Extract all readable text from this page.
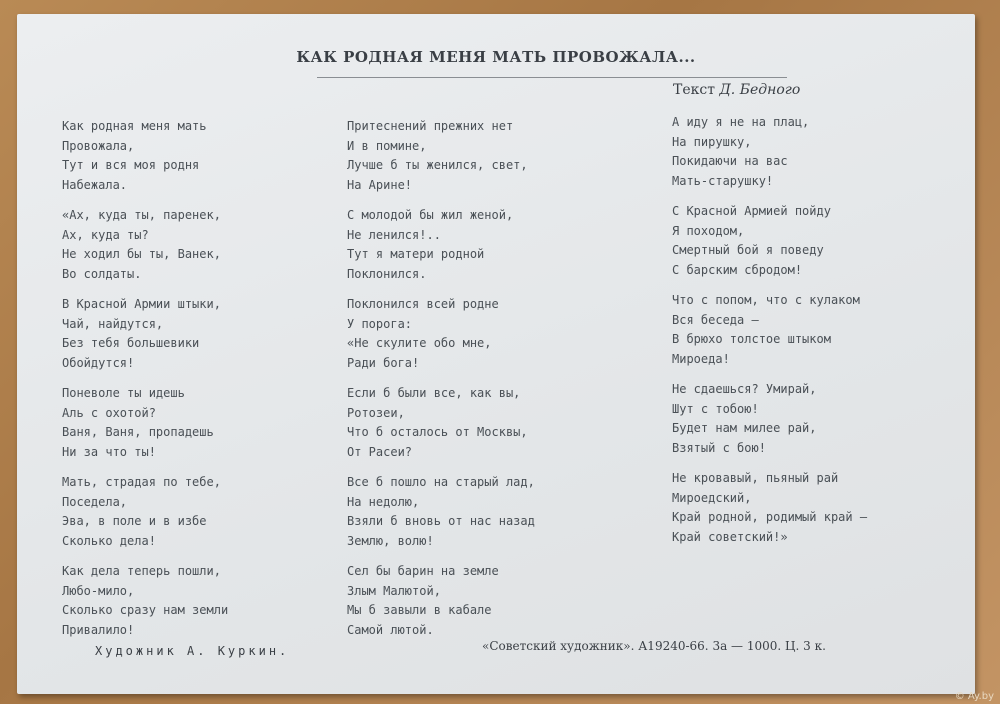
КАК РОДНАЯ МЕНЯ МАТЬ ПРОВОЖАЛА...
Текст Д. Бедного
Как родная меня мать
Провожала,
Тут и вся моя родня
Набежала.
«Ах, куда ты, паренек,
Ах, куда ты?
Не ходил бы ты, Ванек,
Во солдаты.
В Красной Армии штыки,
Чай, найдутся,
Без тебя большевики
Обойдутся!
Поневоле ты идешь
Аль с охотой?
Ваня, Ваня, пропадешь
Ни за что ты!
Мать, страдая по тебе,
Поседела,
Эва, в поле и в избе
Сколько дела!
Как дела теперь пошли,
Любо-мило,
Сколько сразу нам земли
Привалило!
Притеснений прежних нет
И в помине,
Лучше б ты женился, свет,
На Арине!
С молодой бы жил женой,
Не ленился!..
Тут я матери родной
Поклонился.
Поклонился всей родне
У порога:
«Не скулите обо мне,
Ради бога!
Если б были все, как вы,
Ротозеи,
Что б осталось от Москвы,
От Расеи?
Все б пошло на старый лад,
На недолю,
Взяли б вновь от нас назад
Землю, волю!
Сел бы барин на земле
Злым Малютой,
Мы б завыли в кабале
Самой лютой.
А иду я не на плац,
На пирушку,
Покидаючи на вас
Мать-старушку!
С Красной Армией пойду
Я походом,
Смертный бой я поведу
С барским сбродом!
Что с попом, что с кулаком
Вся беседа —
В брюхо толстое штыком
Мироеда!
Не сдаешься? Умирай,
Шут с тобою!
Будет нам милее рай,
Взятый с бою!
Не кровавый, пьяный рай
Мироедский,
Край родной, родимый край —
Край советский!»
Художник А. Куркин.	«Советский художник». А19240-66. 3а — 1000. Ц. 3 к.
© Ay.by
